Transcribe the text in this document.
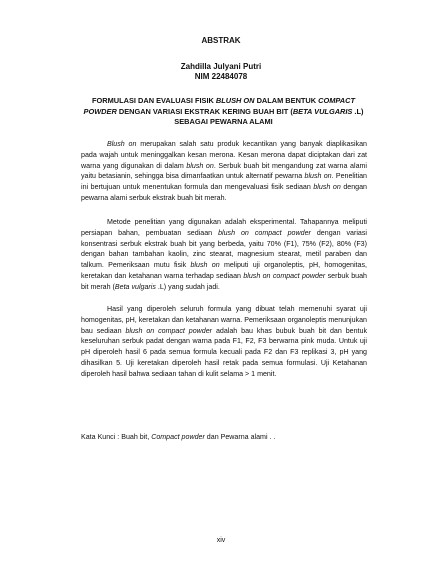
ABSTRAK
Zahdilla Julyani Putri
NIM 22484078
FORMULASI DAN EVALUASI FISIK BLUSH ON DALAM BENTUK COMPACT POWDER DENGAN VARIASI EKSTRAK KERING BUAH BIT (BETA VULGARIS .L) SEBAGAI PEWARNA ALAMI

Blush on merupakan salah satu produk kecantikan yang banyak diaplikasikan pada wajah untuk meninggalkan kesan merona. Kesan merona dapat diciptakan dari zat warna yang digunakan di dalam blush on. Serbuk buah bit mengandung zat warna alami yaitu betasianin, sehingga bisa dimanfaatkan untuk alternatif pewarna blush on. Penelitian ini bertujuan untuk menentukan formula dan mengevaluasi fisik sediaan blush on dengan pewarna alami serbuk ekstrak buah bit merah.

Metode penelitian yang digunakan adalah eksperimental. Tahapannya meliputi persiapan bahan, pembuatan sediaan blush on compact powder dengan variasi konsentrasi serbuk ekstrak buah bit yang berbeda, yaitu 70% (F1), 75% (F2), 80% (F3) dengan bahan tambahan kaolin, zinc stearat, magnesium stearat, metil paraben dan talkum. Pemeriksaan mutu fisik blush on meliputi uji organoleptis, pH, homogenitas, keretakan dan ketahanan warna terhadap sediaan blush on compact powder serbuk buah bit merah (Beta vulgaris .L) yang sudah jadi.

Hasil yang diperoleh seluruh formula yang dibuat telah memenuhi syarat uji homogenitas, pH, keretakan dan ketahanan warna. Pemeriksaan organoleptis menunjukan bau sediaan blush on compact powder adalah bau khas bubuk buah bit dan bentuk keseluruhan serbuk padat dengan warna pada F1, F2, F3 berwarna pink muda. Untuk uji pH diperoleh hasil 6 pada semua formula kecuali pada F2 dan F3 replikasi 3, pH yang dihasilkan 5. Uji keretakan diperoleh hasil retak pada semua formulasi. Uji Ketahanan diperoleh hasil bahwa sediaan tahan di kulit selama > 1 menit.

Kata Kunci : Buah bit, Compact powder dan Pewarna alami . .
xiv
